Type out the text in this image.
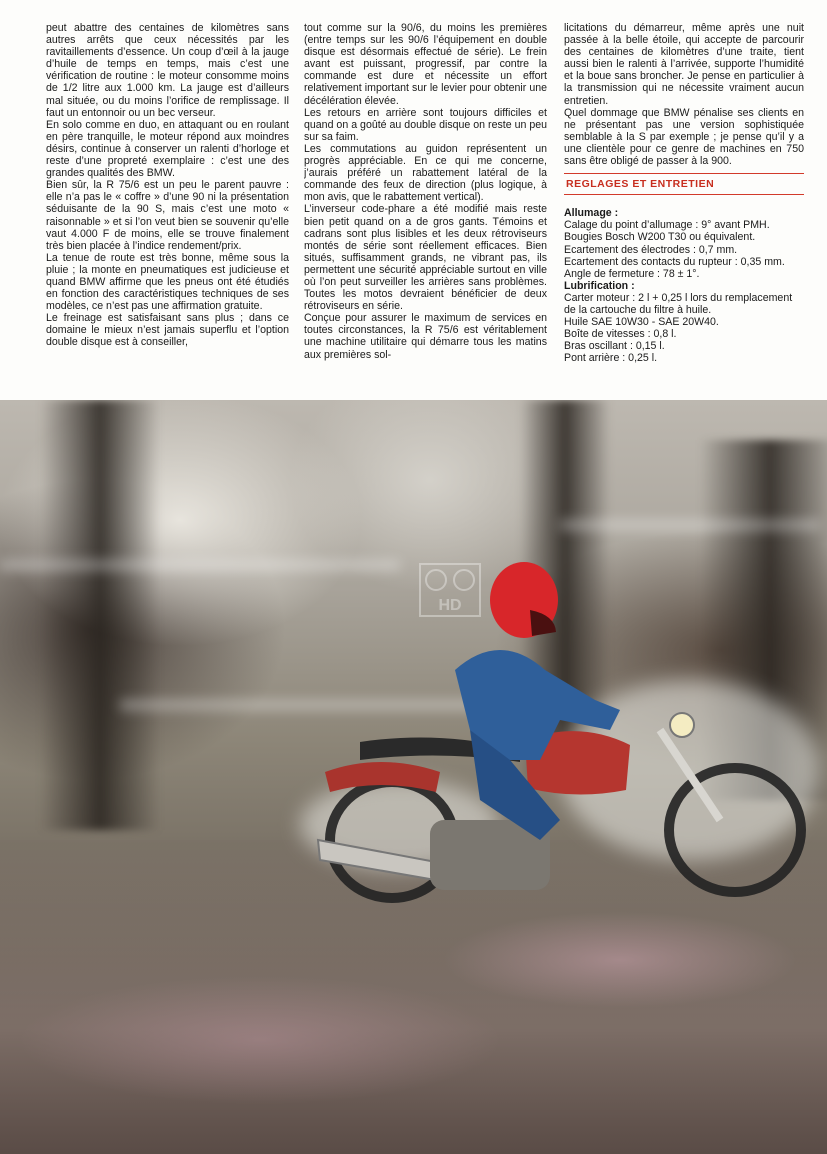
peut abattre des centaines de kilomètres sans autres arrêts que ceux nécessités par les ravitaillements d’essence. Un coup d’œil à la jauge d’huile de temps en temps, mais c’est une vérification de routine : le moteur consomme moins de 1/2 litre aux 1.000 km. La jauge est d’ailleurs mal située, ou du moins l’orifice de remplissage. Il faut un entonnoir ou un bec verseur.

En solo comme en duo, en attaquant ou en roulant en père tranquille, le moteur répond aux moindres désirs, continue à conserver un ralenti d’horloge et reste d’une propreté exemplaire : c’est une des grandes qualités des BMW.

Bien sûr, la R 75/6 est un peu le parent pauvre : elle n’a pas le « coffre » d’une 90 ni la présentation séduisante de la 90 S, mais c’est une moto « raisonnable » et si l’on veut bien se souvenir qu’elle vaut 4.000 F de moins, elle se trouve finalement très bien placée à l’indice rendement/prix.

La tenue de route est très bonne, même sous la pluie ; la monte en pneumatiques est judicieuse et quand BMW affirme que les pneus ont été étudiés en fonction des caractéristiques techniques de ses modèles, ce n’est pas une affirmation gratuite.

Le freinage est satisfaisant sans plus ; dans ce domaine le mieux n’est jamais superflu et l’option double disque est à conseiller,

tout comme sur la 90/6, du moins les premières (entre temps sur les 90/6 l’équipement en double disque est désormais effectué de série). Le frein avant est puissant, progressif, par contre la commande est dure et nécessite un effort relativement important sur le levier pour obtenir une décélération élevée.

Les retours en arrière sont toujours difficiles et quand on a goûté au double disque on reste un peu sur sa faim.

Les commutations au guidon représentent un progrès appréciable. En ce qui me concerne, j’aurais préféré un rabattement latéral de la commande des feux de direction (plus logique, à mon avis, que le rabattement vertical).

L’inverseur code-phare a été modifié mais reste bien petit quand on a de gros gants. Témoins et cadrans sont plus lisibles et les deux rétroviseurs montés de série sont réellement efficaces. Bien situés, suffisamment grands, ne vibrant pas, ils permettent une sécurité appréciable surtout en ville où l’on peut surveiller les arrières sans problèmes. Toutes les motos devraient bénéficier de deux rétroviseurs en série.

Conçue pour assurer le maximum de services en toutes circonstances, la R 75/6 est véritablement une machine utilitaire qui démarre tous les matins aux premières sol-

licitations du démarreur, même après une nuit passée à la belle étoile, qui accepte de parcourir des centaines de kilomètres d’une traite, tient aussi bien le ralenti à l’arrivée, supporte l’humidité et la boue sans broncher. Je pense en particulier à la transmission qui ne nécessite vraiment aucun entretien.

Quel dommage que BMW pénalise ses clients en ne présentant pas une version sophistiquée semblable à la S par exemple ; je pense qu’il y a une clientèle pour ce genre de machines en 750 sans être obligé de passer à la 900.

REGLAGES ET ENTRETIEN
Allumage :

Calage du point d’allumage : 9° avant PMH.

Bougies Bosch W200 T30 ou équivalent.

Ecartement des électrodes : 0,7 mm.

Ecartement des contacts du rupteur : 0,35 mm.

Angle de fermeture : 78 ± 1°.

Lubrification :

Carter moteur : 2 l + 0,25 l lors du remplacement de la cartouche du filtre à huile.

Huile SAE 10W30 - SAE 20W40.

Boîte de vitesses : 0,8 l.

Bras oscillant : 0,15 l.

Pont arrière : 0,25 l.

HD
